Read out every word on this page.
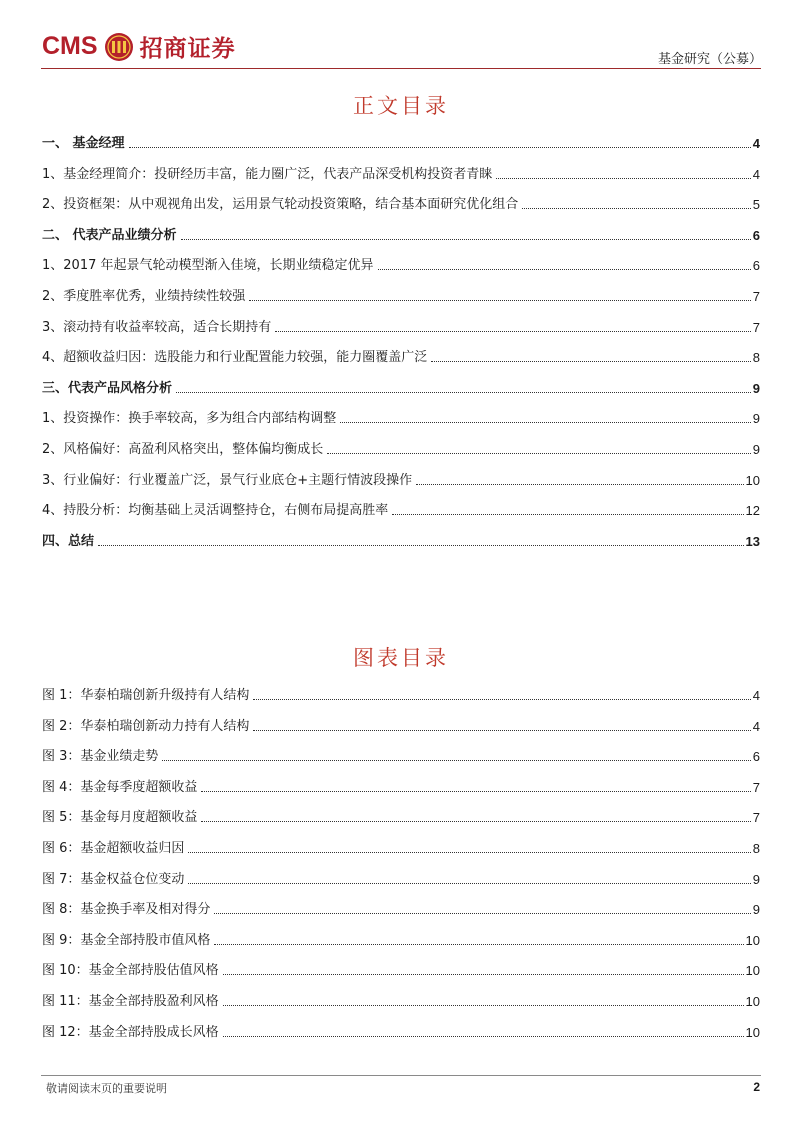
CMS 招商证券	基金研究（公募）
正文目录
一、 基金经理	4
1、基金经理简介：投研经历丰富，能力圈广泛，代表产品深受机构投资者青睐	4
2、投资框架：从中观视角出发，运用景气轮动投资策略，结合基本面研究优化组合	5
二、 代表产品业绩分析	6
1、2017 年起景气轮动模型渐入佳境，长期业绩稳定优异	6
2、季度胜率优秀，业绩持续性较强	7
3、滚动持有收益率较高，适合长期持有	7
4、超额收益归因：选股能力和行业配置能力较强，能力圈覆盖广泛	8
三、代表产品风格分析	9
1、投资操作：换手率较高，多为组合内部结构调整	9
2、风格偏好：高盈利风格突出，整体偏均衡成长	9
3、行业偏好：行业覆盖广泛，景气行业底仓+主题行情波段操作	10
4、持股分析：均衡基础上灵活调整持仓，右侧布局提高胜率	12
四、总结	13
图表目录
图 1：华泰柏瑞创新升级持有人结构	4
图 2：华泰柏瑞创新动力持有人结构	4
图 3：基金业绩走势	6
图 4：基金每季度超额收益	7
图 5：基金每月度超额收益	7
图 6：基金超额收益归因	8
图 7：基金权益仓位变动	9
图 8：基金换手率及相对得分	9
图 9：基金全部持股市值风格	10
图 10：基金全部持股估值风格	10
图 11：基金全部持股盈利风格	10
图 12：基金全部持股成长风格	10
敬请阅读末页的重要说明	2
